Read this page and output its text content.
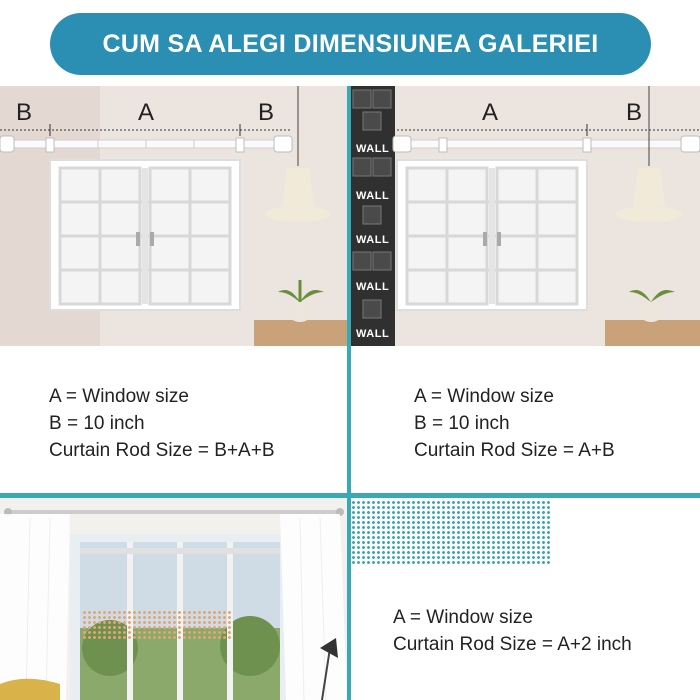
CUM SA ALEGI DIMENSIUNEA GALERIEI
B	A	B
WALL
WALL
WALL
WALL
WALL
A	B
A = Window size
B = 10 inch
Curtain Rod Size = B+A+B
A = Window size
B = 10 inch
Curtain Rod Size = A+B
A = Window size
Curtain Rod Size = A+2 inch
